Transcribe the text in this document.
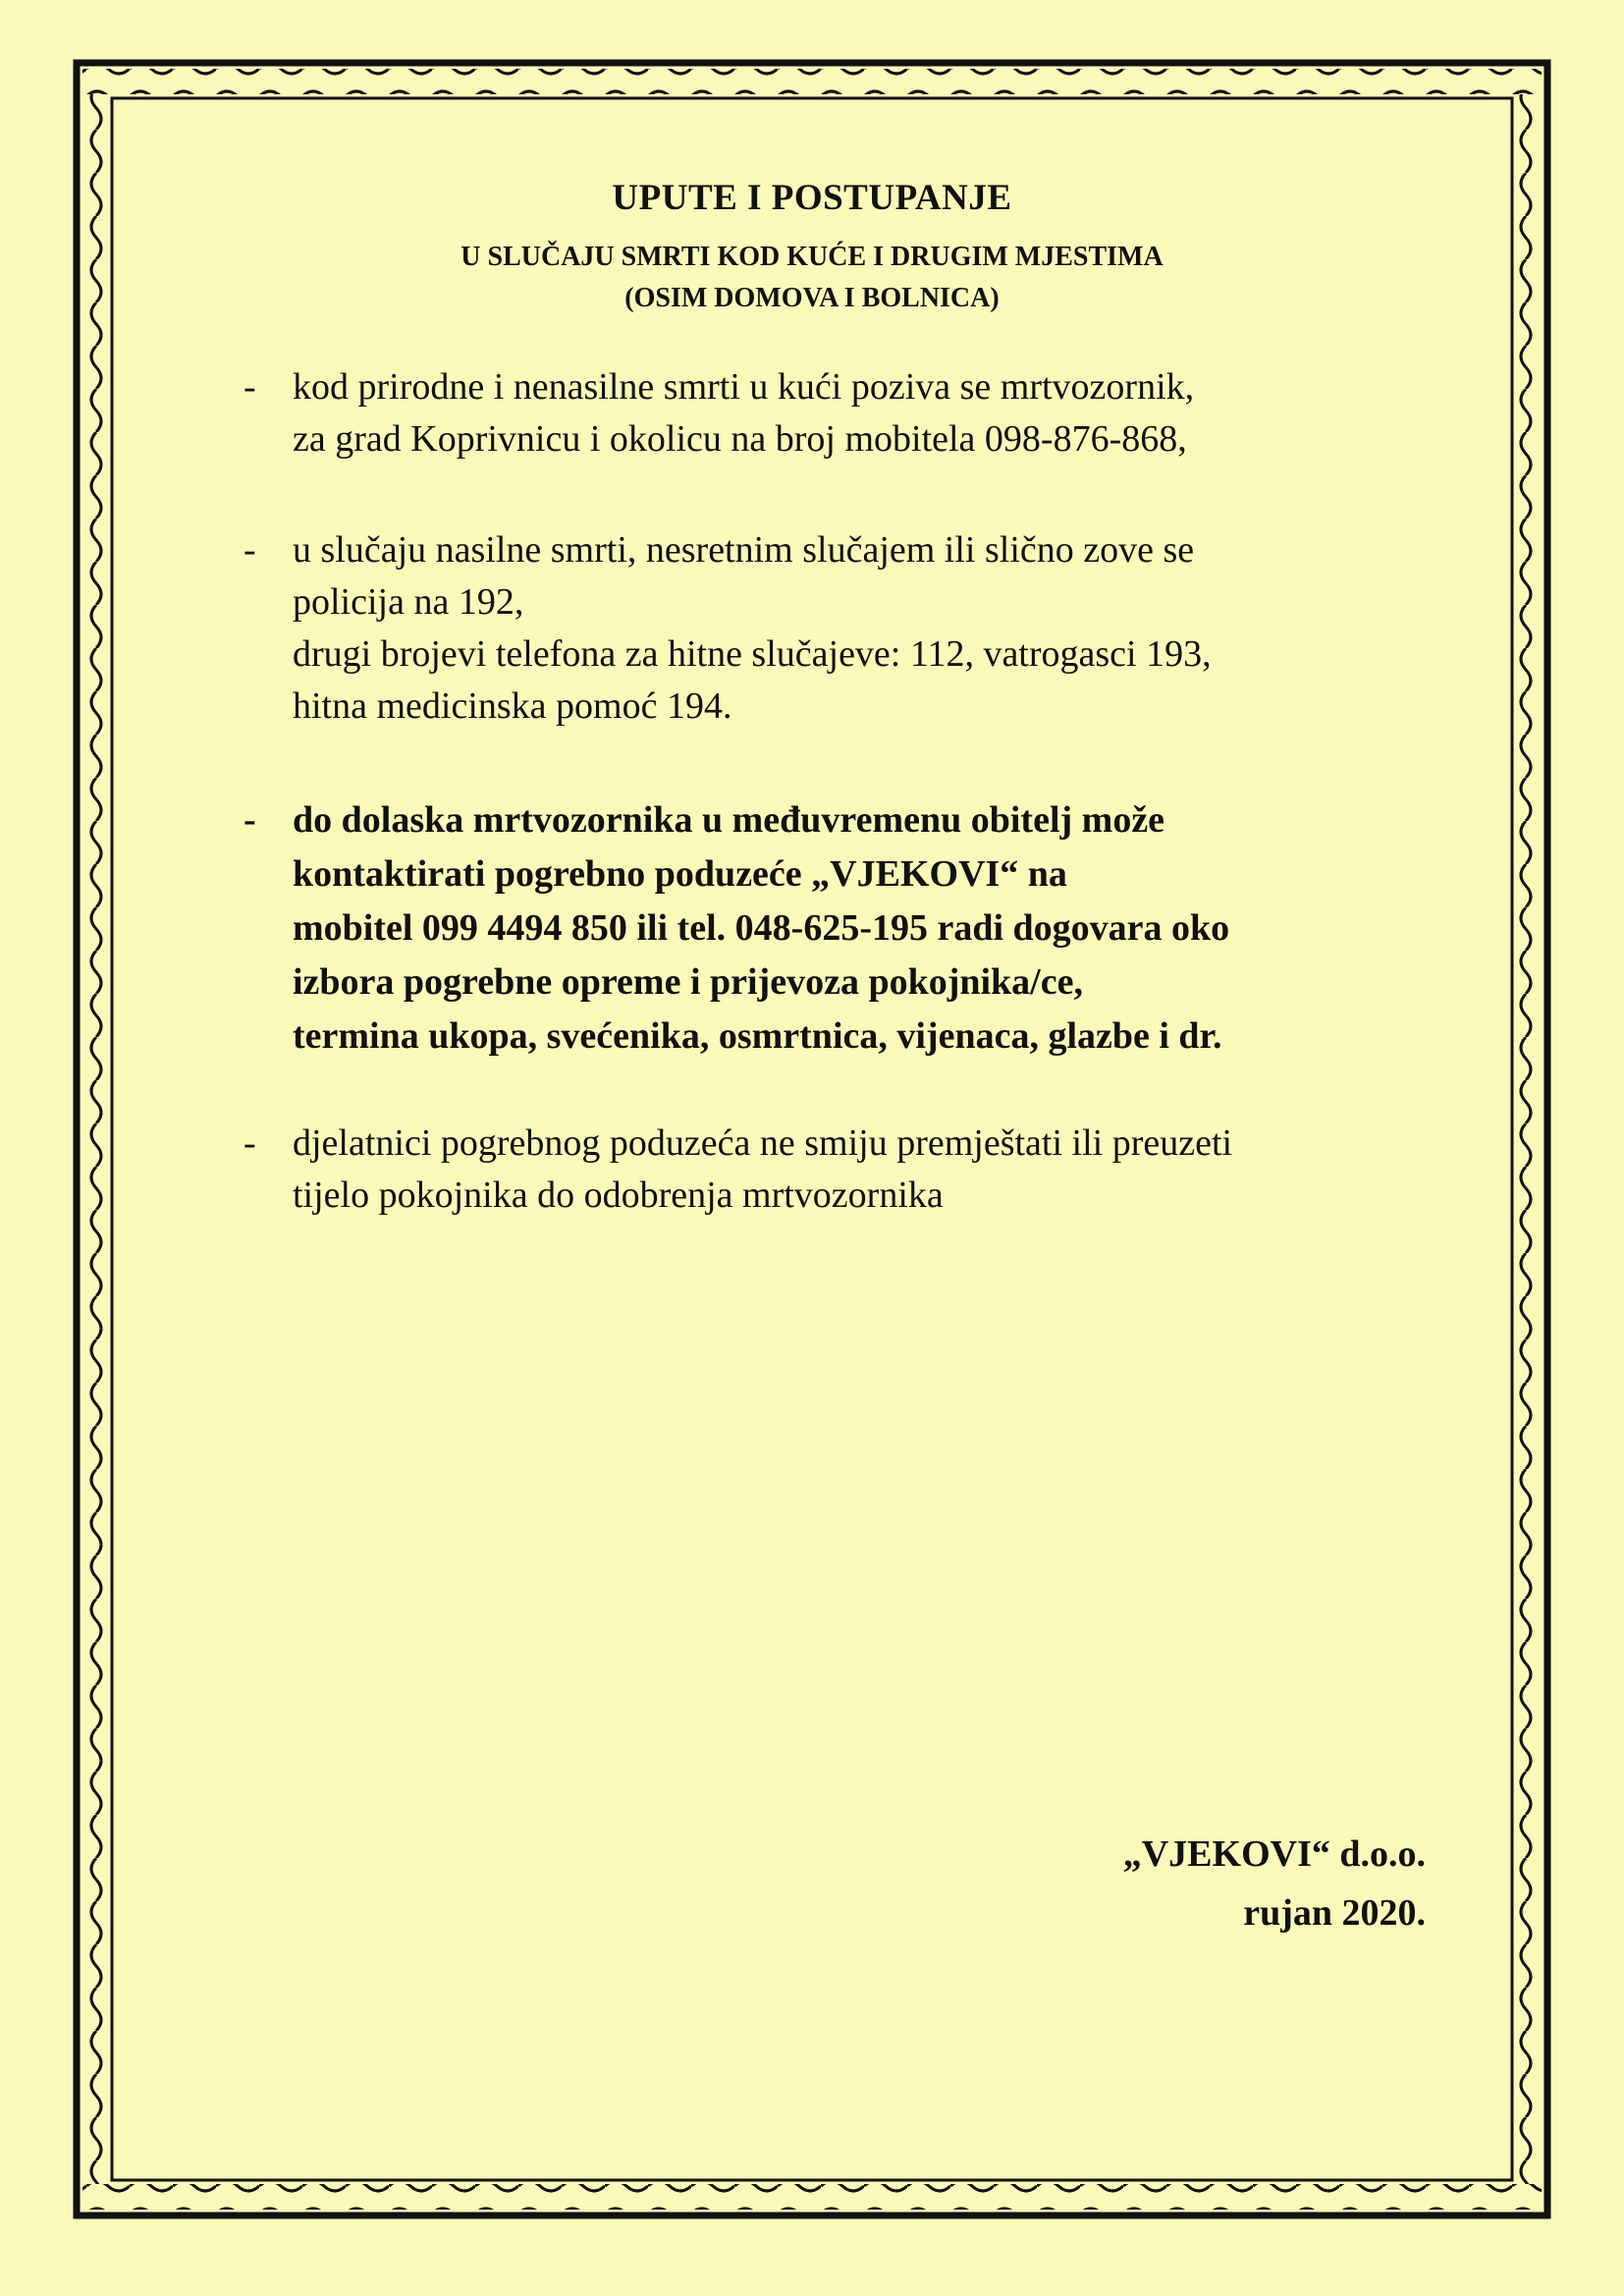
UPUTE I POSTUPANJE
U SLUČAJU SMRTI KOD KUĆE I DRUGIM MJESTIMA
(OSIM DOMOVA I BOLNICA)
- kod prirodne i nenasilne smrti u kući poziva se mrtvozornik,

za grad Koprivnicu i okolicu na broj mobitela 098-876-868,

- u slučaju nasilne smrti, nesretnim slučajem ili slično zove se

policija na 192,

drugi brojevi telefona za hitne slučajeve: 112, vatrogasci 193,

hitna medicinska pomoć 194.

- do dolaska mrtvozornika u međuvremenu obitelj može

kontaktirati pogrebno poduzeće „VJEKOVI“ na

mobitel 099 4494 850 ili tel. 048-625-195 radi dogovara oko

izbora pogrebne opreme i prijevoza pokojnika/ce,

termina ukopa, svećenika, osmrtnica, vijenaca, glazbe i dr.

- djelatnici pogrebnog poduzeća ne smiju premještati ili preuzeti

tijelo pokojnika do odobrenja mrtvozornika

„VJEKOVI“ d.o.o.

rujan 2020.
